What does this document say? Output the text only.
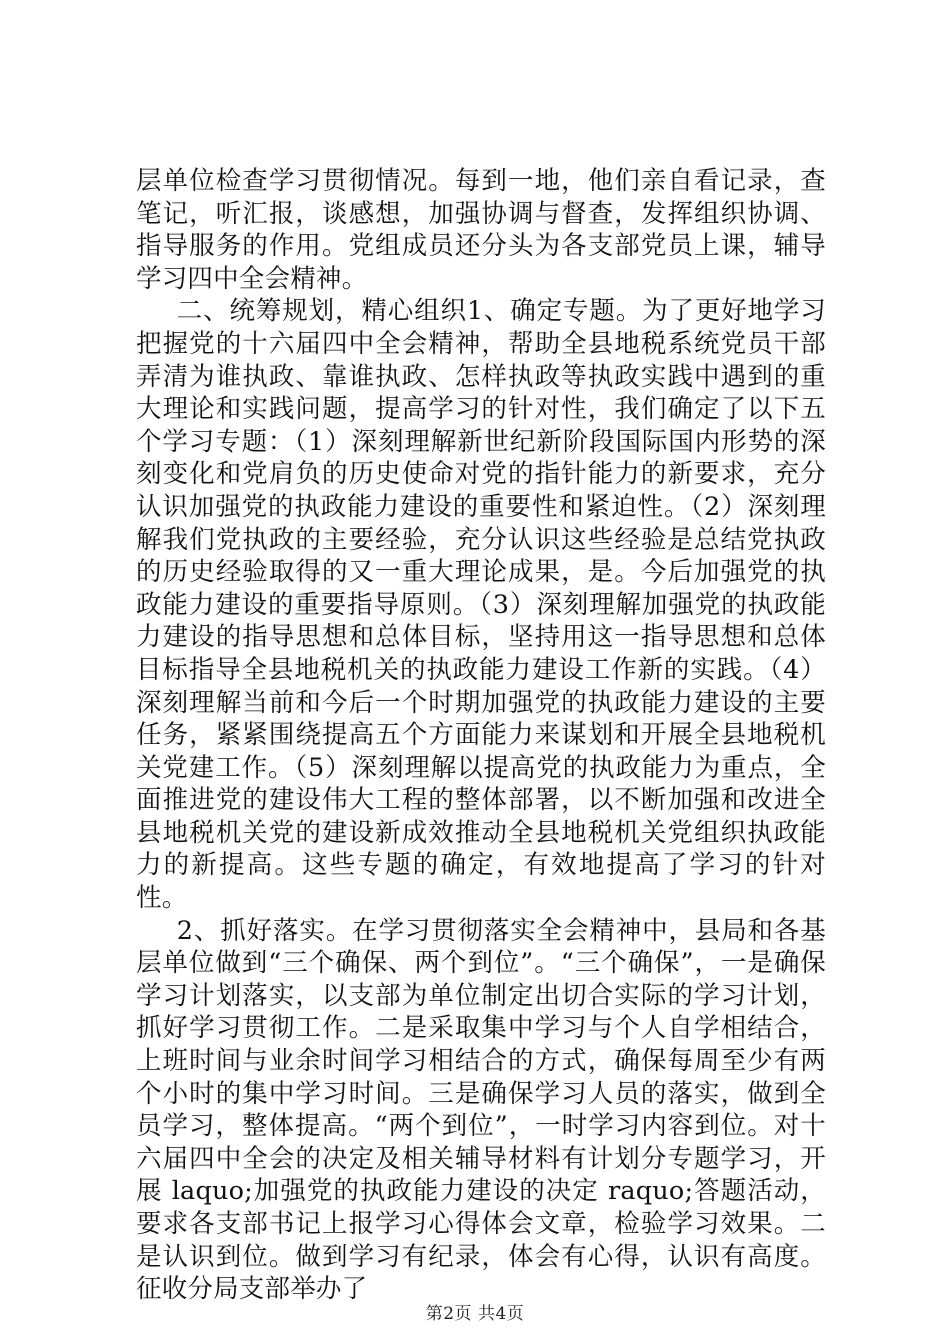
层单位检查学习贯彻情况。每到一地，他们亲自看记录，查笔记，听汇报，谈感想，加强协调与督查，发挥组织协调、指导服务的作用。党组成员还分头为各支部党员上课，辅导学习四中全会精神。

二、统筹规划，精心组织1、确定专题。为了更好地学习把握党的十六届四中全会精神，帮助全县地税系统党员干部弄清为谁执政、靠谁执政、怎样执政等执政实践中遇到的重大理论和实践问题，提高学习的针对性，我们确定了以下五个学习专题：（1）深刻理解新世纪新阶段国际国内形势的深刻变化和党肩负的历史使命对党的指针能力的新要求，充分认识加强党的执政能力建设的重要性和紧迫性。（2）深刻理解我们党执政的主要经验，充分认识这些经验是总结党执政的历史经验取得的又一重大理论成果，是。今后加强党的执政能力建设的重要指导原则。（3）深刻理解加强党的执政能力建设的指导思想和总体目标，坚持用这一指导思想和总体目标指导全县地税机关的执政能力建设工作新的实践。（4）深刻理解当前和今后一个时期加强党的执政能力建设的主要任务，紧紧围绕提高五个方面能力来谋划和开展全县地税机关党建工作。（5）深刻理解以提高党的执政能力为重点，全面推进党的建设伟大工程的整体部署，以不断加强和改进全县地税机关党的建设新成效推动全县地税机关党组织执政能力的新提高。这些专题的确定，有效地提高了学习的针对性。

2、抓好落实。在学习贯彻落实全会精神中，县局和各基层单位做到“三个确保、两个到位”。“三个确保”，一是确保学习计划落实，以支部为单位制定出切合实际的学习计划，抓好学习贯彻工作。二是采取集中学习与个人自学相结合，上班时间与业余时间学习相结合的方式，确保每周至少有两个小时的集中学习时间。三是确保学习人员的落实，做到全员学习，整体提高。“两个到位”，一时学习内容到位。对十六届四中全会的决定及相关辅导材料有计划分专题学习，开展 laquo;加强党的执政能力建设的决定 raquo;答题活动，要求各支部书记上报学习心得体会文章，检验学习效果。二是认识到位。做到学习有纪录，体会有心得，认识有高度。征收分局支部举办了

第2页 共4页
